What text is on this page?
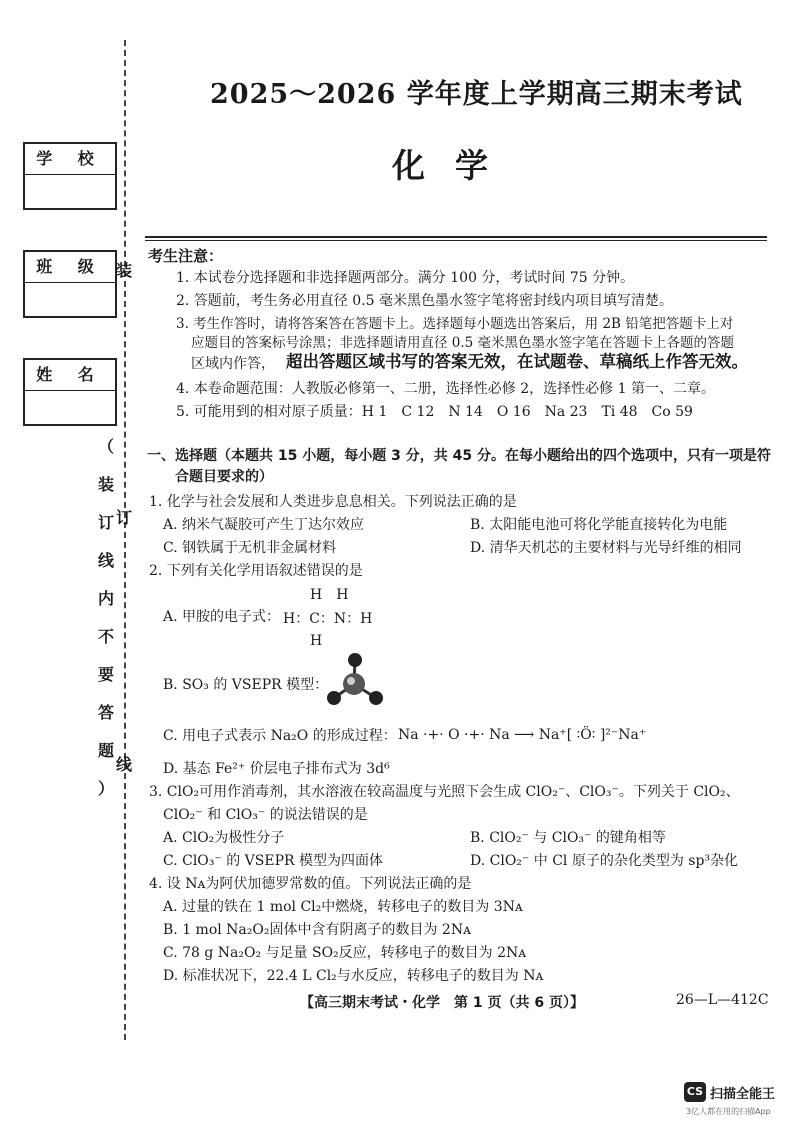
学 校
班 级
姓 名
装
订
线
（
装
订
线
内
不
要
答
题
）
2025～2026 学年度上学期高三期末考试
化学
考生注意：
1. 本试卷分选择题和非选择题两部分。满分 100 分，考试时间 75 分钟。
2. 答题前，考生务必用直径 0.5 毫米黑色墨水签字笔将密封线内项目填写清楚。
3. 考生作答时，请将答案答在答题卡上。选择题每小题选出答案后，用 2B 铅笔把答题卡上对
应题目的答案标号涂黑；非选择题请用直径 0.5 毫米黑色墨水签字笔在答题卡上各题的答题
区域内作答， 超出答题区域书写的答案无效，在试题卷、草稿纸上作答无效。
4. 本卷命题范围：人教版必修第一、二册，选择性必修 2，选择性必修 1 第一、二章。
5. 可能用到的相对原子质量：H 1　C 12　N 14　O 16　Na 23　Ti 48　Co 59
一、选择题（本题共 15 小题，每小题 3 分，共 45 分。在每小题给出的四个选项中，只有一项是符
合题目要求的）
1. 化学与社会发展和人类进步息息相关。下列说法正确的是
A. 纳米气凝胶可产生丁达尔效应	B. 太阳能电池可将化学能直接转化为电能
C. 钢铁属于无机非金属材料	D. 清华天机芯的主要材料与光导纤维的相同
2. 下列有关化学用语叙述错误的是
H　H
A. 甲胺的电子式： H：C：N：H
H
B. SO₃ 的 VSEPR 模型：
C. 用电子式表示 Na₂O 的形成过程： Na ·+· O ·+· Na ⟶ Na⁺[ ∶Ö∶ ]²⁻Na⁺
D. 基态 Fe²⁺ 价层电子排布式为 3d⁶
3. ClO₂可用作消毒剂，其水溶液在较高温度与光照下会生成 ClO₂⁻、ClO₃⁻。下列关于 ClO₂、
ClO₂⁻ 和 ClO₃⁻ 的说法错误的是
A. ClO₂为极性分子	B. ClO₂⁻ 与 ClO₃⁻ 的键角相等
C. ClO₃⁻ 的 VSEPR 模型为四面体	D. ClO₂⁻ 中 Cl 原子的杂化类型为 sp³杂化
4. 设 Nᴀ为阿伏加德罗常数的值。下列说法正确的是
A. 过量的铁在 1 mol Cl₂中燃烧，转移电子的数目为 3Nᴀ
B. 1 mol Na₂O₂固体中含有阴离子的数目为 2Nᴀ
C. 78 g Na₂O₂ 与足量 SO₂反应，转移电子的数目为 2Nᴀ
D. 标准状况下，22.4 L Cl₂与水反应，转移电子的数目为 Nᴀ
【高三期末考试・化学　第 1 页（共 6 页）】	26—L—412C
CS 扫描全能王
3亿人都在用的扫描App
